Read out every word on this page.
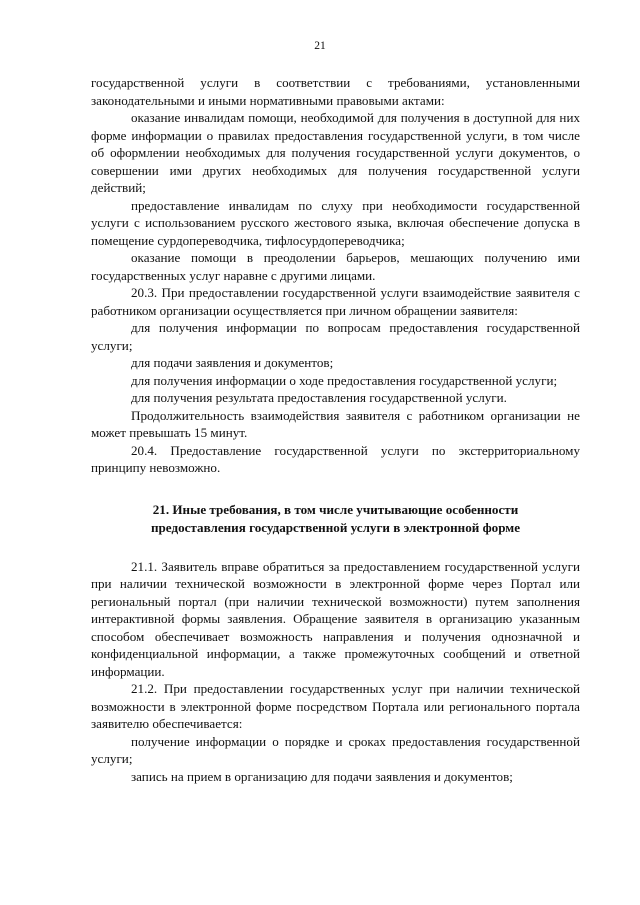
21

государственной услуги в соответствии с требованиями, установленными законодательными и иными нормативными правовыми актами:

оказание инвалидам помощи, необходимой для получения в доступной для них форме информации о правилах предоставления государственной услуги, в том числе об оформлении необходимых для получения государственной услуги документов, о совершении ими других необходимых для получения государственной услуги действий;

предоставление инвалидам по слуху при необходимости государственной услуги с использованием русского жестового языка, включая обеспечение допуска в помещение сурдопереводчика, тифлосурдопереводчика;

оказание помощи в преодолении барьеров, мешающих получению ими государственных услуг наравне с другими лицами.

20.3. При предоставлении государственной услуги взаимодействие заявителя с работником организации осуществляется при личном обращении заявителя:

для получения информации по вопросам предоставления государственной услуги;

для подачи заявления и документов;

для получения информации о ходе предоставления государственной услуги;

для получения результата предоставления государственной услуги.

Продолжительность взаимодействия заявителя с работником организации не может превышать 15 минут.

20.4. Предоставление государственной услуги по экстерриториальному принципу невозможно.

21. Иные требования, в том числе учитывающие особенности
предоставления государственной услуги в электронной форме

21.1. Заявитель вправе обратиться за предоставлением государственной услуги при наличии технической возможности в электронной форме через Портал или региональный портал (при наличии технической возможности) путем заполнения интерактивной формы заявления. Обращение заявителя в организацию указанным способом обеспечивает возможность направления и получения однозначной и конфиденциальной информации, а также промежуточных сообщений и ответной информации.

21.2. При предоставлении государственных услуг при наличии технической возможности в электронной форме посредством Портала или регионального портала заявителю обеспечивается:

получение информации о порядке и сроках предоставления государственной услуги;

запись на прием в организацию для подачи заявления и документов;
